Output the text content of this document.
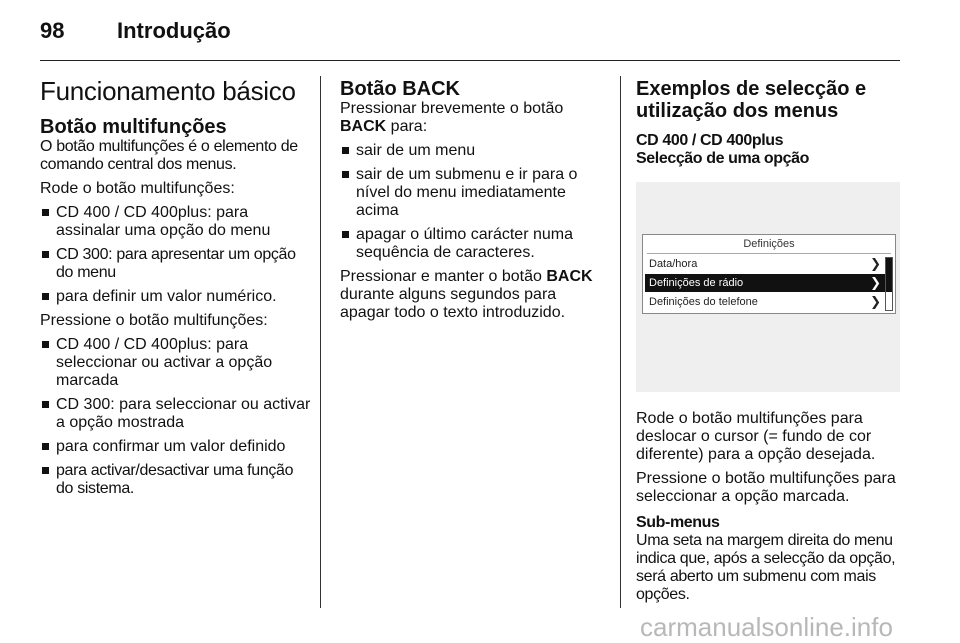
98 Introdução
Funcionamento básico
Botão multifunções

O botão multifunções é o elemento de comando central dos menus.

Rode o botão multifunções:

CD 400 / CD 400plus: para assinalar uma opção do menu
CD 300: para apresentar um opção do menu
para definir um valor numérico.

Pressione o botão multifunções:

CD 400 / CD 400plus: para seleccionar ou activar a opção marcada
CD 300: para seleccionar ou activar a opção mostrada
para confirmar um valor definido
para activar/desactivar uma função do sistema.
Botão BACK

Pressionar brevemente o botão
BACK para:

sair de um menu
sair de um submenu e ir para o nível do menu imediatamente acima
apagar o último carácter numa sequência de caracteres.

Pressionar e manter o botão BACK durante alguns segundos para apagar todo o texto introduzido.

Exemplos de selecção e utilização dos menus
CD 400 / CD 400plus
Selecção de uma opção
Definições
Data/hora	❯
Definições de rádio	❯
Definições do telefone	❯

Rode o botão multifunções para deslocar o cursor (= fundo de cor diferente) para a opção desejada.

Pressione o botão multifunções para seleccionar a opção marcada.

Sub-menus

Uma seta na margem direita do menu indica que, após a selecção da opção, será aberto um submenu com mais opções.

carmanualsonline.info
